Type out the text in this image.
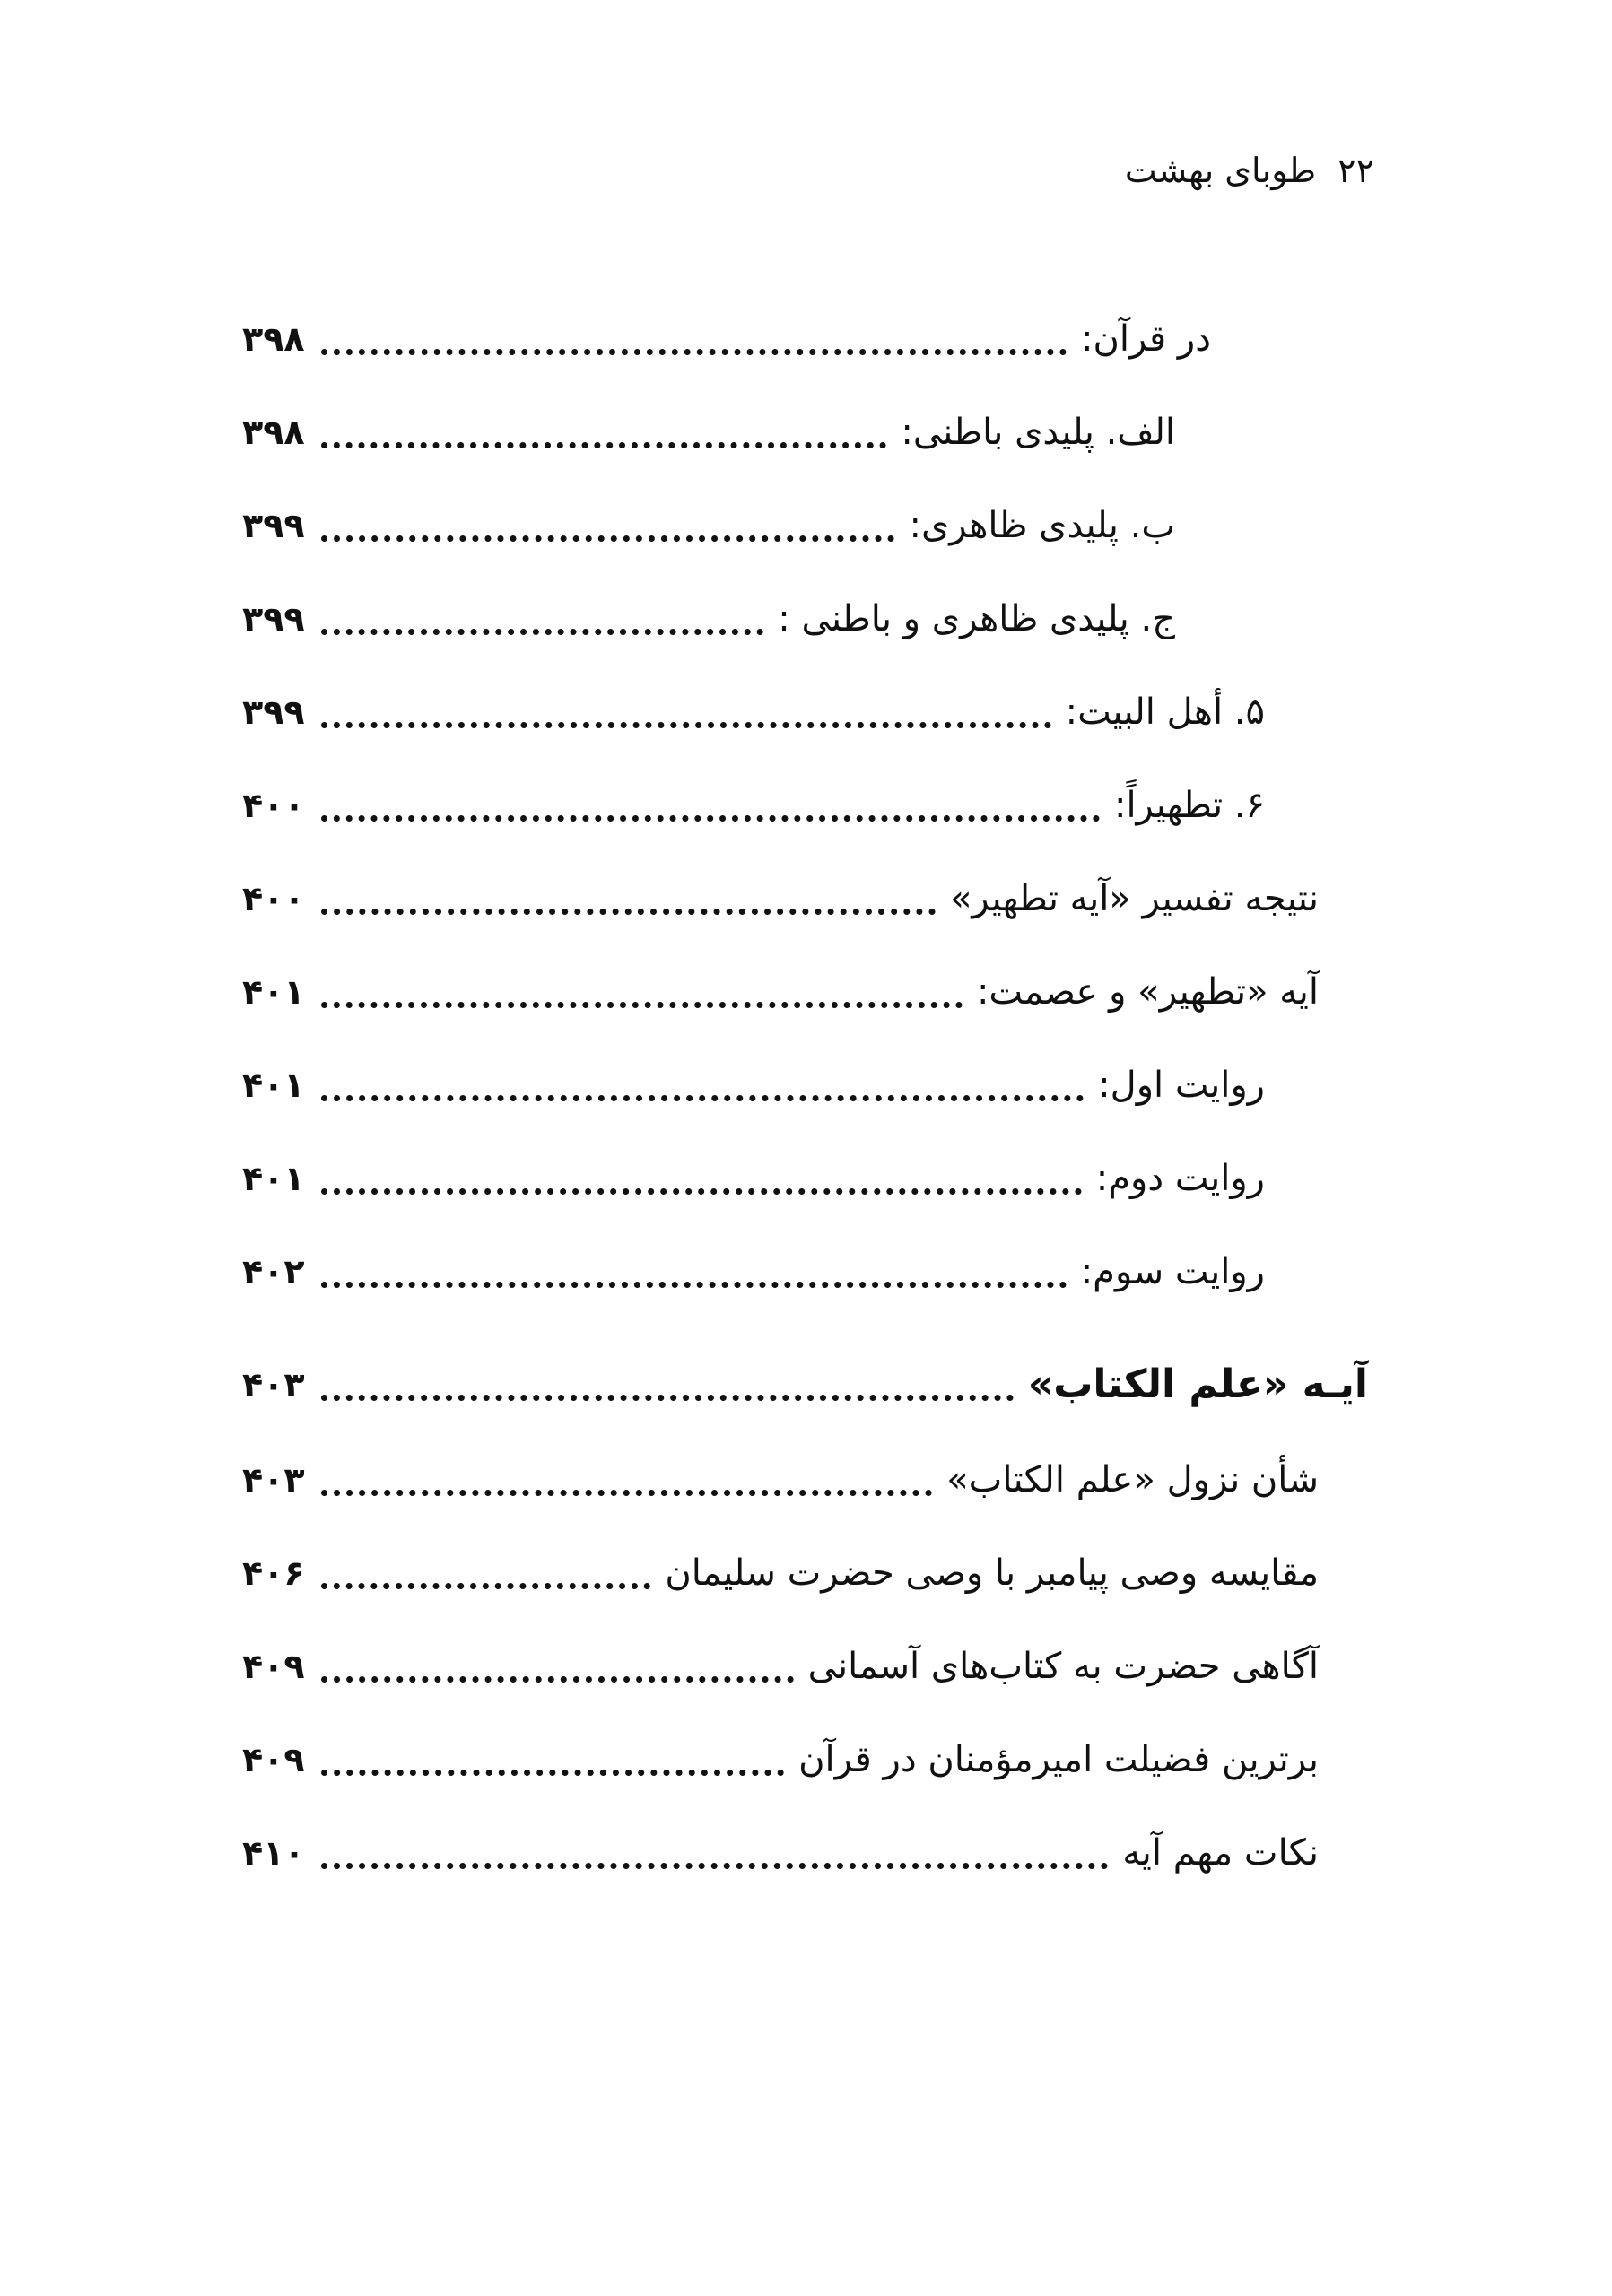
۲۲ طوبای بهشت
در قرآن:
۳۹۸
الف. پلیدی باطنی:
۳۹۸
ب. پلیدی ظاهری:
۳۹۹
ج. پلیدی ظاهری و باطنی :
۳۹۹
۵. أهل البیت:
۳۹۹
۶. تطهیراً:
۴۰۰
نتیجه تفسیر «آیه تطهیر»
۴۰۰
آیه «تطهیر» و عصمت:
۴۰۱
روایت اول:
۴۰۱
روایت دوم:
۴۰۱
روایت سوم:
۴۰۲
آیـه «علم الکتاب»
۴۰۳
شأن نزول «علم الکتاب»
۴۰۳
مقایسه وصی پیامبر با وصی حضرت سلیمان
۴۰۶
آگاهی حضرت به کتاب‌های آسمانی
۴۰۹
برترین فضیلت امیرمؤمنان در قرآن
۴۰۹
نکات مهم آیه
۴۱۰
